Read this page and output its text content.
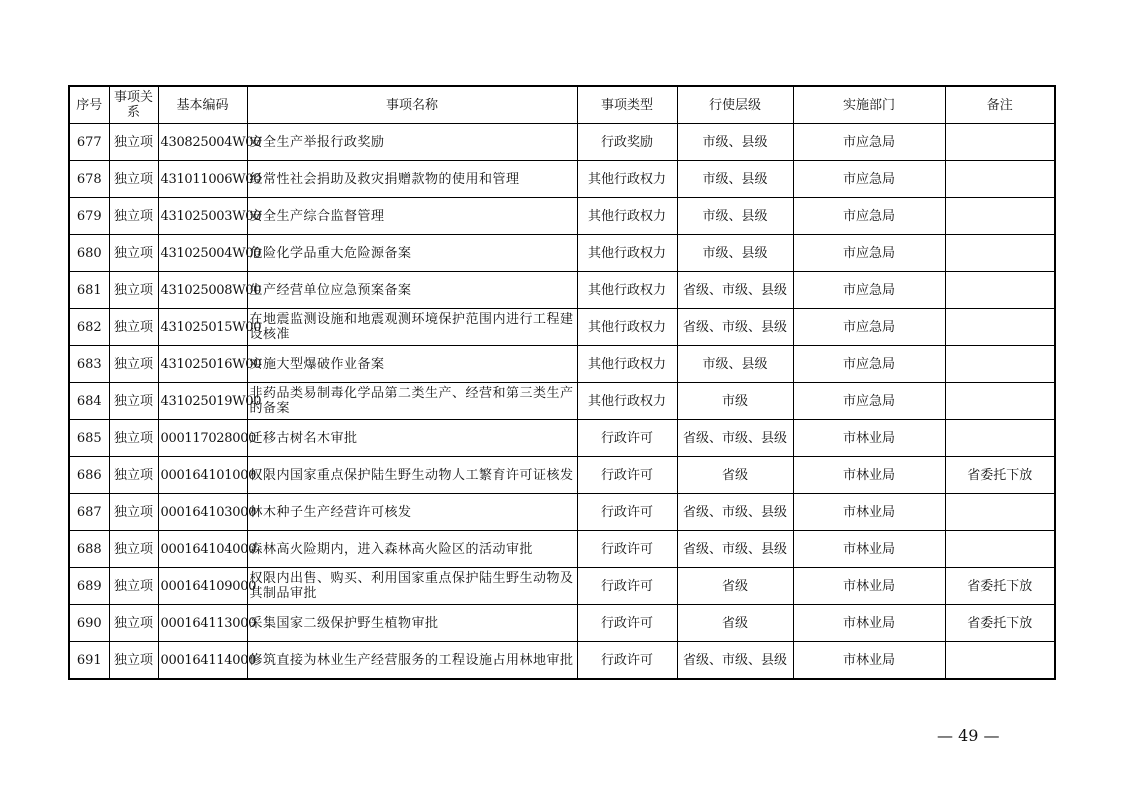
序号	事项关系	基本编码	事项名称	事项类型	行使层级	实施部门	备注
677	独立项	430825004W00	安全生产举报行政奖励	行政奖励	市级、县级	市应急局	
678	独立项	431011006W00	经常性社会捐助及救灾捐赠款物的使用和管理	其他行政权力	市级、县级	市应急局	
679	独立项	431025003W00	安全生产综合监督管理	其他行政权力	市级、县级	市应急局	
680	独立项	431025004W00	危险化学品重大危险源备案	其他行政权力	市级、县级	市应急局	
681	独立项	431025008W00	生产经营单位应急预案备案	其他行政权力	省级、市级、县级	市应急局	
682	独立项	431025015W00	在地震监测设施和地震观测环境保护范围内进行工程建设核准	其他行政权力	省级、市级、县级	市应急局	
683	独立项	431025016W00	实施大型爆破作业备案	其他行政权力	市级、县级	市应急局	
684	独立项	431025019W00	非药品类易制毒化学品第二类生产、经营和第三类生产的备案	其他行政权力	市级	市应急局	
685	独立项	000117028000	迁移古树名木审批	行政许可	省级、市级、县级	市林业局	
686	独立项	000164101000	权限内国家重点保护陆生野生动物人工繁育许可证核发	行政许可	省级	市林业局	省委托下放
687	独立项	000164103000	林木种子生产经营许可核发	行政许可	省级、市级、县级	市林业局	
688	独立项	000164104000	森林高火险期内，进入森林高火险区的活动审批	行政许可	省级、市级、县级	市林业局	
689	独立项	000164109000	权限内出售、购买、利用国家重点保护陆生野生动物及其制品审批	行政许可	省级	市林业局	省委托下放
690	独立项	000164113000	采集国家二级保护野生植物审批	行政许可	省级	市林业局	省委托下放
691	独立项	000164114000	修筑直接为林业生产经营服务的工程设施占用林地审批	行政许可	省级、市级、县级	市林业局	
— 49 —
